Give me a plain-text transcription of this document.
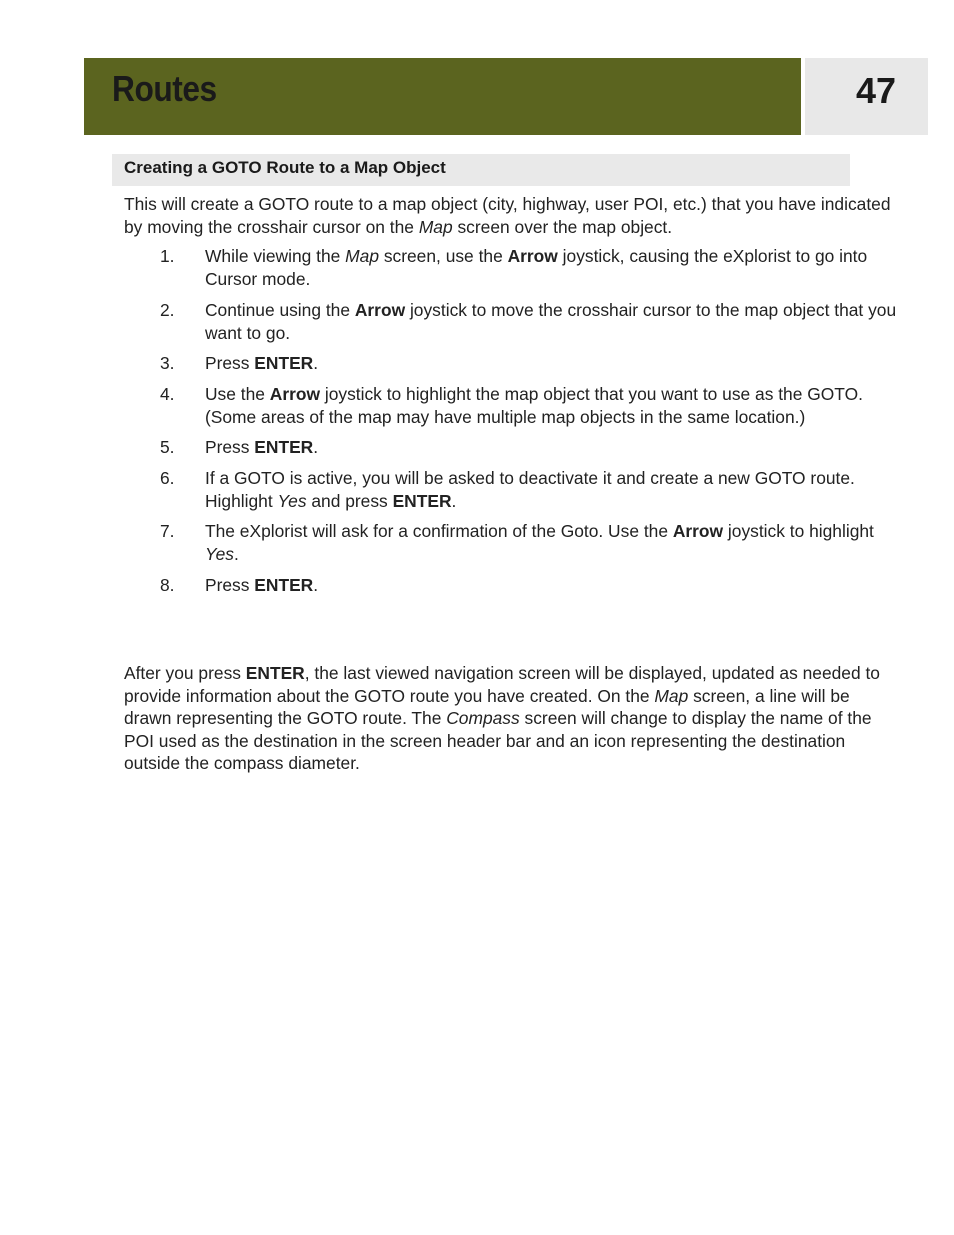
Routes	47
Creating a GOTO Route to a Map Object

This will create a GOTO route to a map object (city, highway, user POI, etc.) that you have indicated by moving the crosshair cursor on the Map screen over the map object.

1. While viewing the Map screen, use the Arrow joystick, causing the eXplorist to go into Cursor mode.
2. Continue using the Arrow joystick to move the crosshair cursor to the map object that you want to go.
3. Press ENTER.
4. Use the Arrow joystick to highlight the map object that you want to use as the GOTO. (Some areas of the map may have multiple map objects in the same location.)
5. Press ENTER.
6. If a GOTO is active, you will be asked to deactivate it and create a new GOTO route. Highlight Yes and press ENTER.
7. The eXplorist will ask for a confirmation of the Goto. Use the Arrow joystick to highlight Yes.
8. Press ENTER.

After you press ENTER, the last viewed navigation screen will be displayed, updated as needed to provide information about the GOTO route you have created. On the Map screen, a line will be drawn representing the GOTO route. The Compass screen will change to display the name of the POI used as the destination in the screen header bar and an icon representing the destination outside the compass diameter.
